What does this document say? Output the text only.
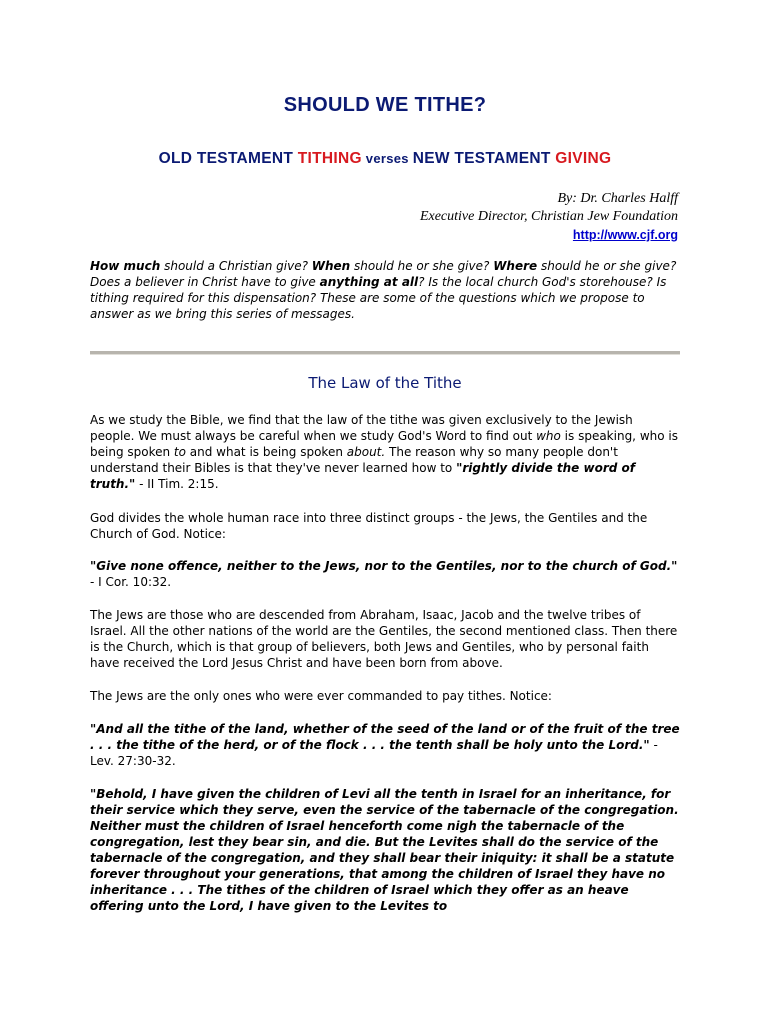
SHOULD WE TITHE?
OLD TESTAMENT TITHING verses NEW TESTAMENT GIVING
By: Dr. Charles Halff
Executive Director, Christian Jew Foundation
http://www.cjf.org
How much should a Christian give? When should he or she give? Where should he or she give? Does a believer in Christ have to give anything at all? Is the local church God's storehouse? Is tithing required for this dispensation? These are some of the questions which we propose to answer as we bring this series of messages.
The Law of the Tithe
As we study the Bible, we find that the law of the tithe was given exclusively to the Jewish people. We must always be careful when we study God's Word to find out who is speaking, who is being spoken to and what is being spoken about. The reason why so many people don't understand their Bibles is that they've never learned how to "rightly divide the word of truth." - II Tim. 2:15.
God divides the whole human race into three distinct groups - the Jews, the Gentiles and the Church of God. Notice:
"Give none offence, neither to the Jews, nor to the Gentiles, nor to the church of God." - I Cor. 10:32.
The Jews are those who are descended from Abraham, Isaac, Jacob and the twelve tribes of Israel. All the other nations of the world are the Gentiles, the second mentioned class. Then there is the Church, which is that group of believers, both Jews and Gentiles, who by personal faith have received the Lord Jesus Christ and have been born from above.
The Jews are the only ones who were ever commanded to pay tithes. Notice:
"And all the tithe of the land, whether of the seed of the land or of the fruit of the tree . . . the tithe of the herd, or of the flock . . . the tenth shall be holy unto the Lord." - Lev. 27:30-32.
"Behold, I have given the children of Levi all the tenth in Israel for an inheritance, for their service which they serve, even the service of the tabernacle of the congregation. Neither must the children of Israel henceforth come nigh the tabernacle of the congregation, lest they bear sin, and die. But the Levites shall do the service of the tabernacle of the congregation, and they shall bear their iniquity: it shall be a statute forever throughout your generations, that among the children of Israel they have no inheritance . . . The tithes of the children of Israel which they offer as an heave offering unto the Lord, I have given to the Levites to
